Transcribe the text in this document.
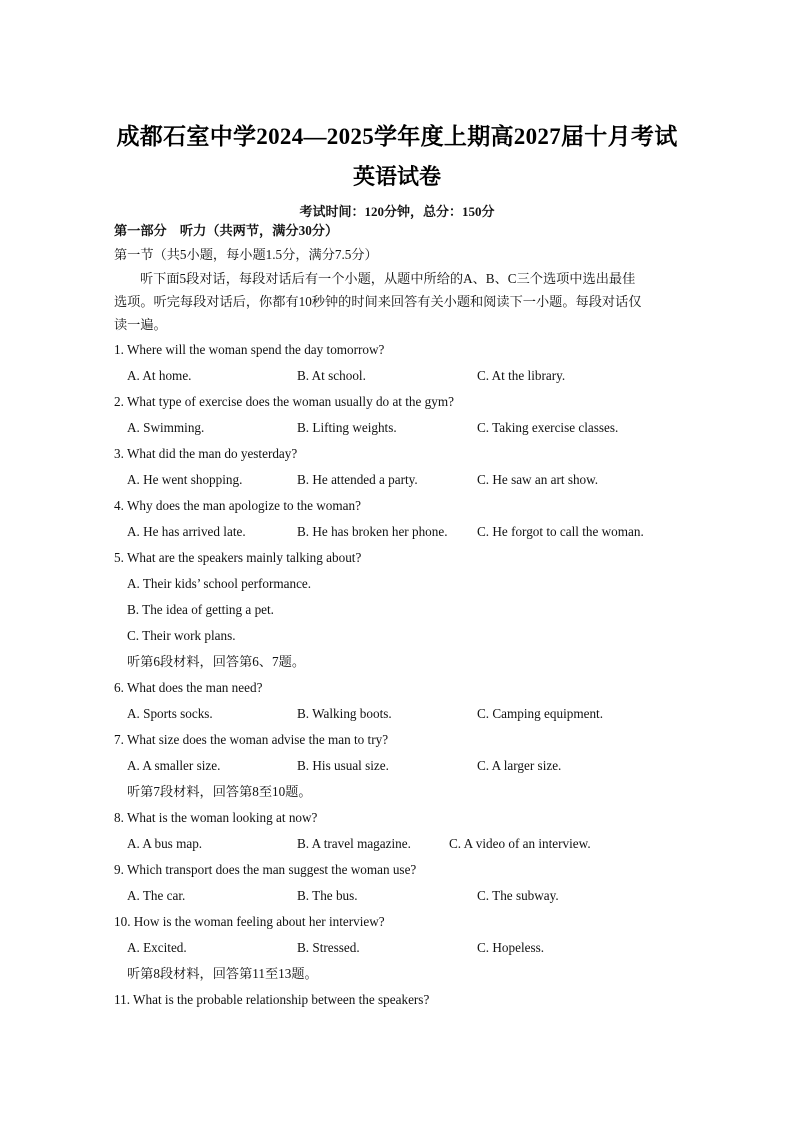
成都石室中学2024—2025学年度上期高2027届十月考试
英语试卷
考试时间：120分钟，总分：150分
第一部分　听力（共两节，满分30分）
第一节（共5小题，每小题1.5分，满分7.5分）
听下面5段对话，每段对话后有一个小题，从题中所给的A、B、C三个选项中选出最佳
选项。听完每段对话后，你都有10秒钟的时间来回答有关小题和阅读下一小题。每段对话仅
读一遍。
1. Where will the woman spend the day tomorrow?
A. At home.	B. At school.	C. At the library.
2. What type of exercise does the woman usually do at the gym?
A. Swimming.	B. Lifting weights.	C. Taking exercise classes.
3. What did the man do yesterday?
A. He went shopping.	B. He attended a party.	C. He saw an art show.
4. Why does the man apologize to the woman?
A. He has arrived late.	B. He has broken her phone. C. He forgot to call the woman.
5. What are the speakers mainly talking about?
A. Their kids’ school performance.
B. The idea of getting a pet.
C. Their work plans.
听第6段材料，回答第6、7题。
6. What does the man need?
A. Sports socks.	B. Walking boots.	C. Camping equipment.
7. What size does the woman advise the man to try?
A. A smaller size.	B. His usual size.	C. A larger size.
听第7段材料，回答第8至10题。
8. What is the woman looking at now?
A. A bus map.	B. A travel magazine.	C. A video of an interview.
9. Which transport does the man suggest the woman use?
A. The car.	B. The bus.	C. The subway.
10. How is the woman feeling about her interview?
A. Excited.	B. Stressed.	C. Hopeless.
听第8段材料，回答第11至13题。
11. What is the probable relationship between the speakers?
